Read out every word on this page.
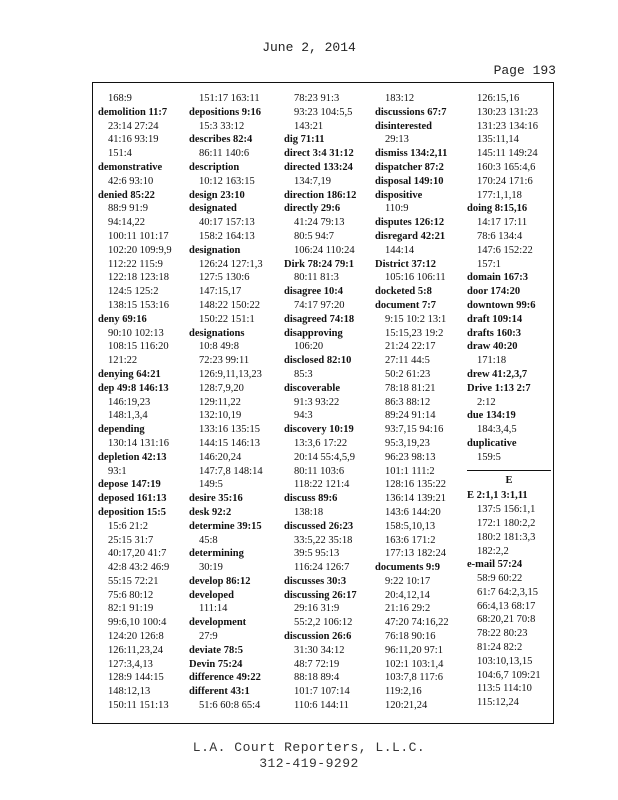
June 2, 2014
Page 193
168:9
demolition 11:7
23:14 27:24
41:16 93:19
151:4
demonstrative
42:6 93:10
denied 85:22
88:9 91:9
94:14,22
100:11 101:17
102:20 109:9,9
112:22 115:9
122:18 123:18
124:5 125:2
138:15 153:16
deny 69:16
90:10 102:13
108:15 116:20
121:22
denying 64:21
dep 49:8 146:13
146:19,23
148:1,3,4
depending
130:14 131:16
depletion 42:13
93:1
depose 147:19
deposed 161:13
deposition 15:5
15:6 21:2
25:15 31:7
40:17,20 41:7
42:8 43:2 46:9
55:15 72:21
75:6 80:12
82:1 91:19
99:6,10 100:4
124:20 126:8
126:11,23,24
127:3,4,13
128:9 144:15
148:12,13
150:11 151:13
151:17 163:11
depositions 9:16
15:3 33:12
describes 82:4
86:11 140:6
description
10:12 163:15
design 23:10
designated
40:17 157:13
158:2 164:13
designation
126:24 127:1,3
127:5 130:6
147:15,17
148:22 150:22
150:22 151:1
designations
10:8 49:8
72:23 99:11
126:9,11,13,23
128:7,9,20
129:11,22
132:10,19
133:16 135:15
144:15 146:13
146:20,24
147:7,8 148:14
149:5
desire 35:16
desk 92:2
determine 39:15
45:8
determining
30:19
develop 86:12
developed
111:14
development
27:9
deviate 78:5
Devin 75:24
difference 49:22
different 43:1
51:6 60:8 65:4
78:23 91:3
93:23 104:5,5
143:21
dig 71:11
direct 3:4 31:12
directed 133:24
134:7,19
direction 186:12
directly 29:6
41:24 79:13
80:5 94:7
106:24 110:24
Dirk 78:24 79:1
80:11 81:3
disagree 10:4
74:17 97:20
disagreed 74:18
disapproving
106:20
disclosed 82:10
85:3
discoverable
91:3 93:22
94:3
discovery 10:19
13:3,6 17:22
20:14 55:4,5,9
80:11 103:6
118:22 121:4
discuss 89:6
138:18
discussed 26:23
33:5,22 35:18
39:5 95:13
116:24 126:7
discusses 30:3
discussing 26:17
29:16 31:9
55:2,2 106:12
discussion 26:6
31:30 34:12
48:7 72:19
88:18 89:4
101:7 107:14
110:6 144:11
183:12
discussions 67:7
disinterested
29:13
dismiss 134:2,11
dispatcher 87:2
disposal 149:10
dispositive
110:9
disputes 126:12
disregard 42:21
144:14
District 37:12
105:16 106:11
docketed 5:8
document 7:7
9:15 10:2 13:1
15:15,23 19:2
21:24 22:17
27:11 44:5
50:2 61:23
78:18 81:21
86:3 88:12
89:24 91:14
93:7,15 94:16
95:3,19,23
96:23 98:13
101:1 111:2
128:16 135:22
136:14 139:21
143:6 144:20
158:5,10,13
163:6 171:2
177:13 182:24
documents 9:9
9:22 10:17
20:4,12,14
21:16 29:2
47:20 74:16,22
76:18 90:16
96:11,20 97:1
102:1 103:1,4
103:7,8 117:6
119:2,16
120:21,24
126:15,16
130:23 131:23
131:23 134:16
135:11,14
145:11 149:24
160:3 165:4,6
170:24 171:6
177:1,1,18
doing 8:15,16
14:17 17:11
78:6 134:4
147:6 152:22
157:1
domain 167:3
door 174:20
downtown 99:6
draft 109:14
drafts 160:3
draw 40:20
171:18
drew 41:2,3,7
Drive 1:13 2:7
2:12
due 134:19
184:3,4,5
duplicative
159:5
E
E 2:1,1 3:1,11
137:5 156:1,1
172:1 180:2,2
180:2 181:3,3
182:2,2
e-mail 57:24
58:9 60:22
61:7 64:2,3,15
66:4,13 68:17
68:20,21 70:8
78:22 80:23
81:24 82:2
103:10,13,15
104:6,7 109:21
113:5 114:10
115:12,24
L.A. Court Reporters, L.L.C.
312-419-9292
